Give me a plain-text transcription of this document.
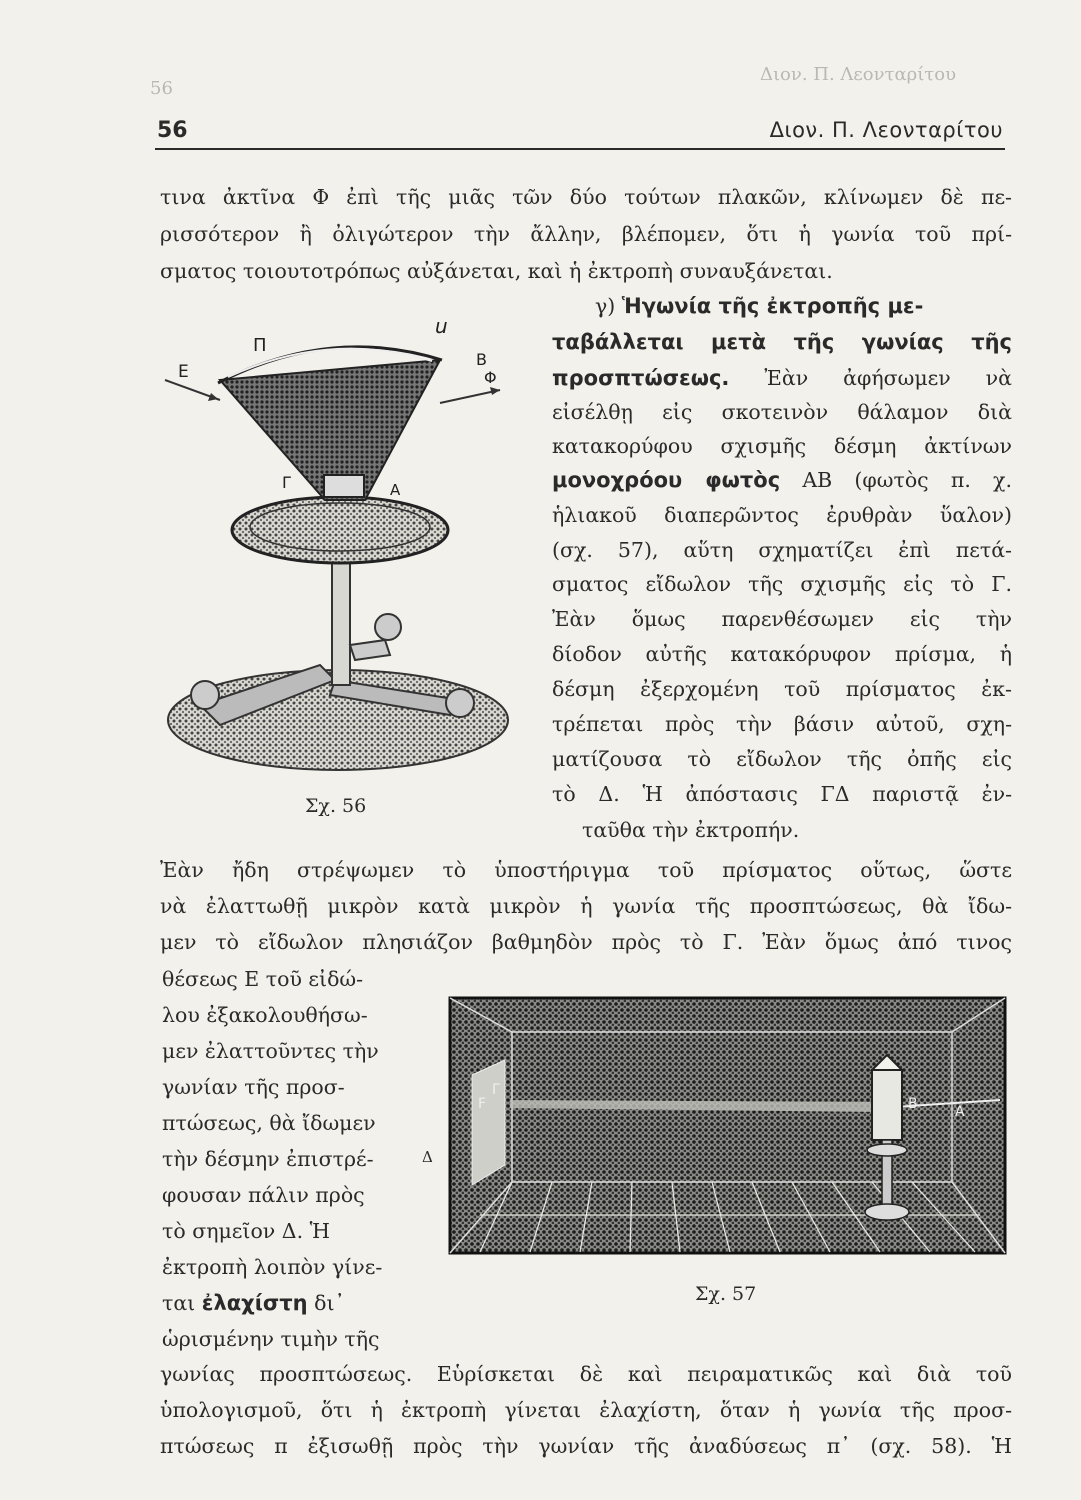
56
Διον. Π. Λεονταρίτου
56	Διον. Π. Λεονταρίτου
τινα ἀκτῖνα Φ ἐπὶ τῆς μιᾶς τῶν δύο τούτων πλακῶν, κλίνωμεν δὲ πε-
ρισσότερον ἢ ὀλιγώτερον τὴν ἄλλην, βλέπομεν, ὅτι ἡ γωνία τοῦ πρί-
σματος τοιουτοτρόπως αὐξάνεται, καὶ ἡ ἐκτροπὴ συναυξάνεται.
γ) Ἡγωνία τῆς ἐκτροπῆς με-
ταβάλλεται μετὰ τῆς γωνίας τῆς
προσπτώσεως. Ἐὰν ἀφήσωμεν νὰ
εἰσέλθῃ εἰς σκοτεινὸν θάλαμον διὰ
κατακορύφου σχισμῆς δέσμη ἀκτίνων
μονοχρόου φωτὸς ΑΒ (φωτὸς π. χ.
ἡλιακοῦ διαπερῶντος ἐρυθρὰν ὕαλον)
(σχ. 57), αὕτη σχηματίζει ἐπὶ πετά-
σματος εἴδωλον τῆς σχισμῆς εἰς τὸ Γ.
Ἐὰν ὅμως παρενθέσωμεν εἰς τὴν
δίοδον αὐτῆς κατακόρυφον πρίσμα, ἡ
δέσμη ἐξερχομένη τοῦ πρίσματος ἐκ-
τρέπεται πρὸς τὴν βάσιν αὐτοῦ, σχη-
ματίζουσα τὸ εἴδωλον τῆς ὀπῆς εἰς
τὸ Δ. Ἡ ἀπόστασις ΓΔ παριστᾷ ἐν-
ταῦθα τὴν ἐκτροπήν.
Π
Ε
u
Β
Φ
Γ	Α
Σχ. 56
Ἐὰν ἤδη στρέψωμεν τὸ ὑποστήριγμα τοῦ πρίσματος οὕτως, ὥστε
νὰ ἐλαττωθῇ μικρὸν κατὰ μικρὸν ἡ γωνία τῆς προσπτώσεως, θὰ ἴδω-
μεν τὸ εἴδωλον πλησιάζον βαθμηδὸν πρὸς τὸ Γ. Ἐὰν ὅμως ἀπό τινος
θέσεως Ε τοῦ εἰδώ-
λου ἐξακολουθήσω-
μεν ἐλαττοῦντες τὴν
γωνίαν τῆς προσ-
πτώσεως, θὰ ἴδωμεν
τὴν δέσμην ἐπιστρέ-
φουσαν πάλιν πρὸς
τὸ σημεῖον Δ. Ἡ
ἐκτροπὴ λοιπὸν γίνε-
ται ἐλαχίστη δι᾿
ὡρισμένην τιμὴν τῆς
F
Γ
B	A
Δ
Σχ. 57
γωνίας προσπτώσεως. Εὑρίσκεται δὲ καὶ πειραματικῶς καὶ διὰ τοῦ
ὑπολογισμοῦ, ὅτι ἡ ἐκτροπὴ γίνεται ἐλαχίστη, ὅταν ἡ γωνία τῆς προσ-
πτώσεως π ἐξισωθῇ πρὸς τὴν γωνίαν τῆς ἀναδύσεως π᾿ (σχ. 58). Ἡ
